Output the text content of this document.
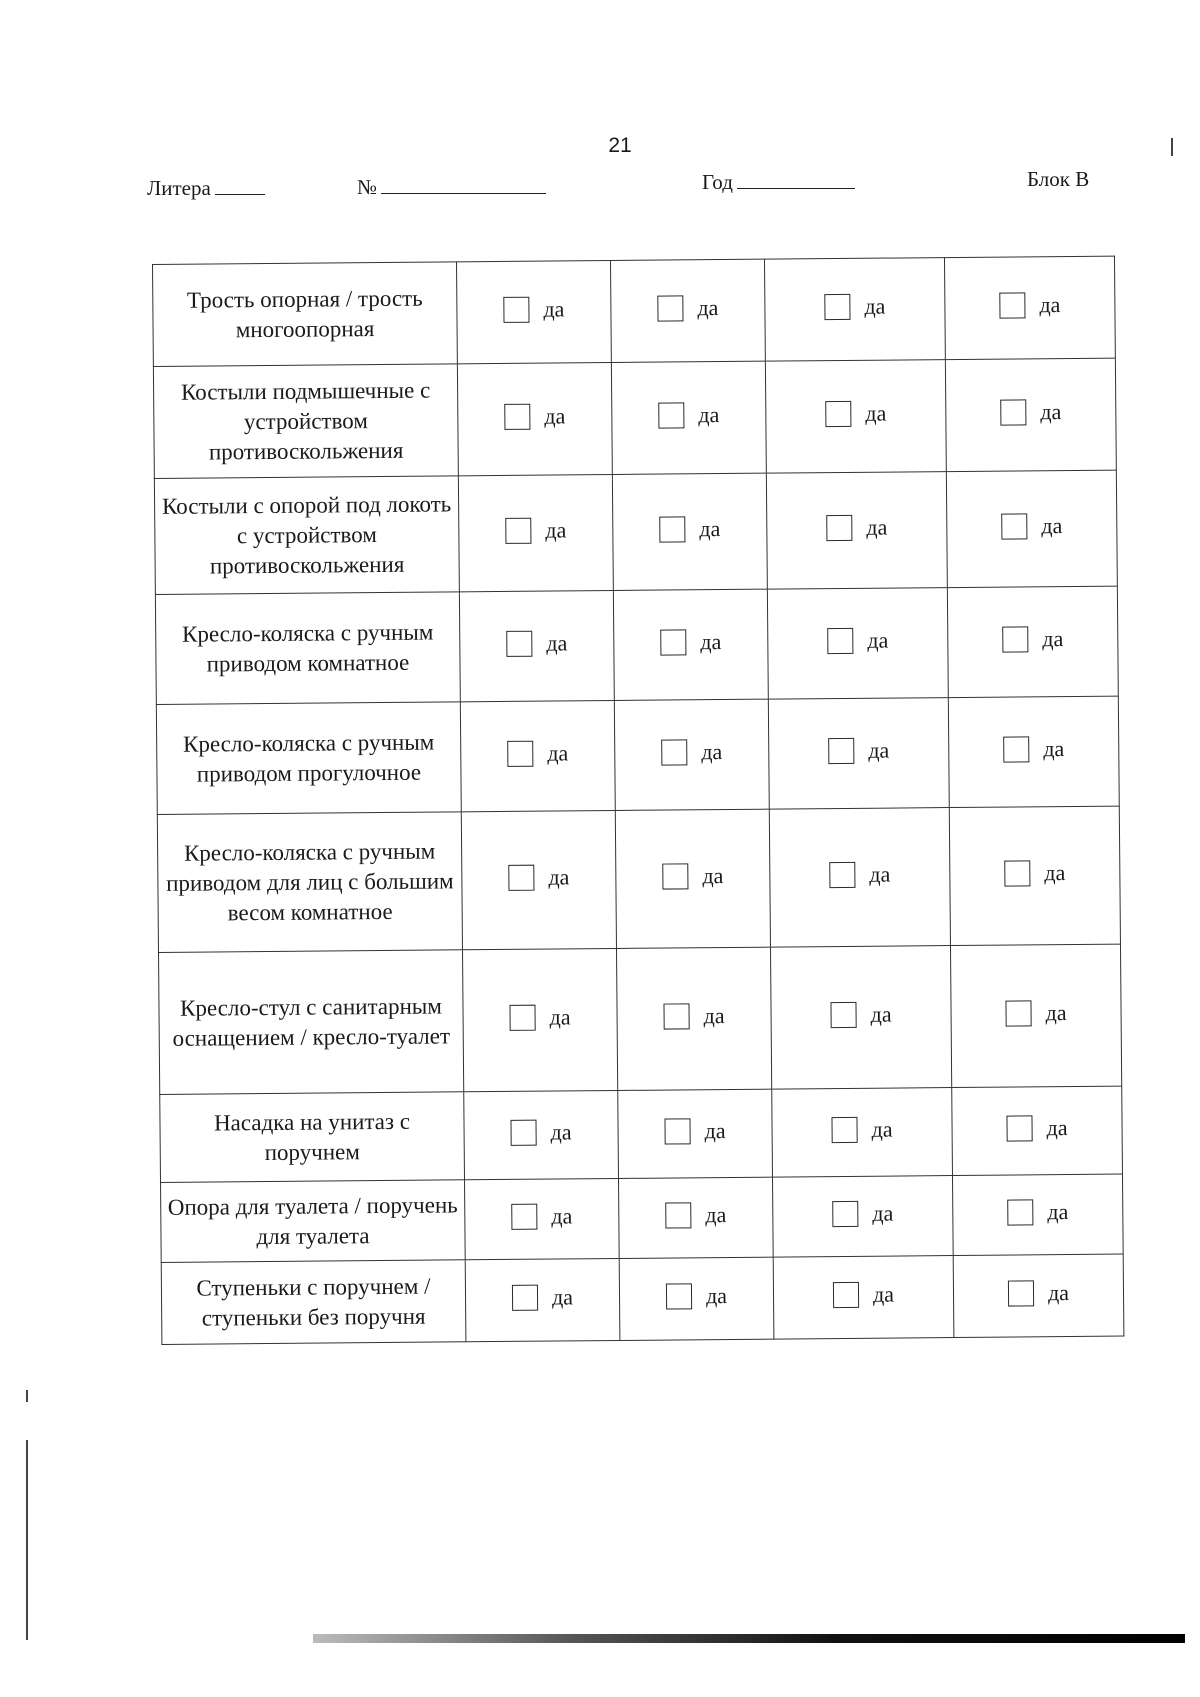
21
Литера	№	Год	Блок В
Трость опорная / трость многоопорная	да	да	да	да

Костыли подмышечные с устройством противоскольжения	да	да	да	да

Костыли с опорой под локоть с устройством противоскольжения	да	да	да	да

Кресло-коляска с ручным приводом комнатное	да	да	да	да

Кресло-коляска с ручным приводом прогулочное	да	да	да	да

Кресло-коляска с ручным приводом для лиц с большим весом комнатное	да	да	да	да

Кресло-стул с санитарным оснащением / кресло-туалет	да	да	да	да

Насадка на унитаз с поручнем	да	да	да	да

Опора для туалета / поручень для туалета	да	да	да	да

Ступеньки с поручнем / ступеньки без поручня	да	да	да	да
